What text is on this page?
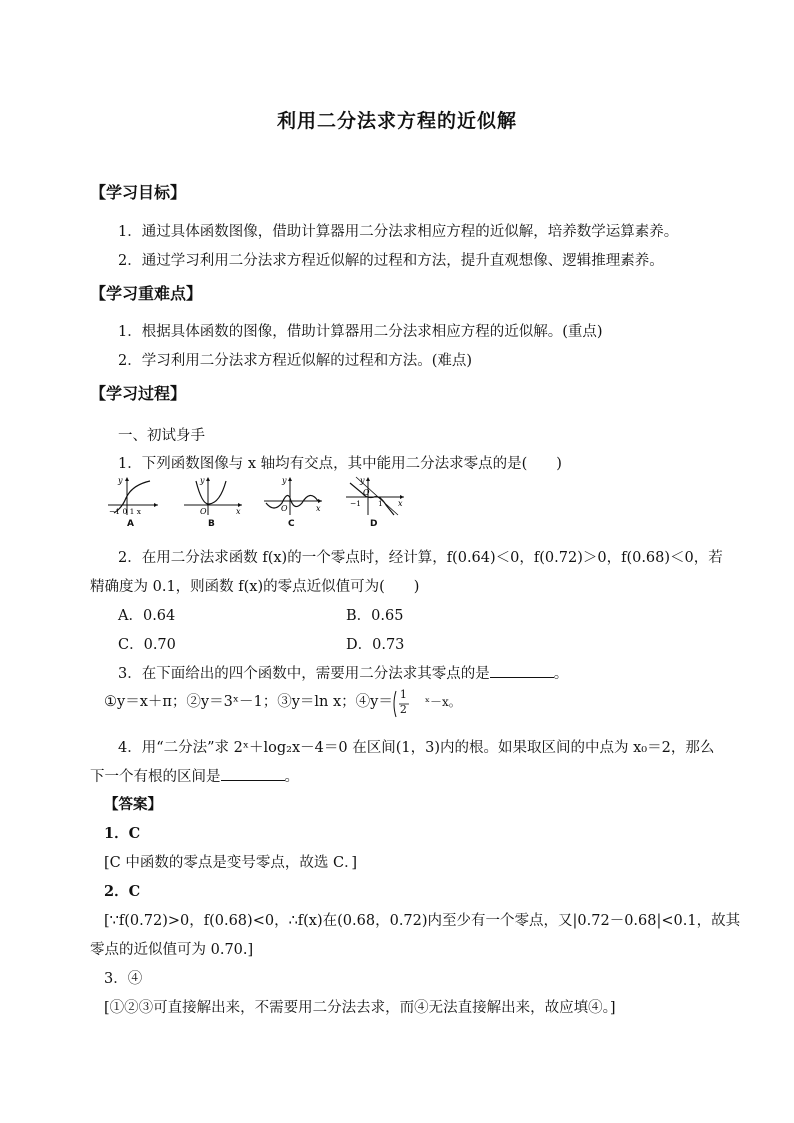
利用二分法求方程的近似解
【学习目标】
1．通过具体函数图像，借助计算器用二分法求相应方程的近似解，培养数学运算素养。
2．通过学习利用二分法求方程近似解的过程和方法，提升直观想像、逻辑推理素养。
【学习重难点】
1．根据具体函数的图像，借助计算器用二分法求相应方程的近似解。(重点)
2．学习利用二分法求方程近似解的过程和方法。(难点)
【学习过程】
一、初试身手
1．下列函数图像与 x 轴均有交点，其中能用二分法求零点的是(　　)
y
−1 0 1 x
A
y
O	x
B
y
O	x
C
y
O
−1 1 x
D
2．在用二分法求函数 f(x)的一个零点时，经计算，f(0.64)＜0，f(0.72)＞0，f(0.68)＜0，若
精确度为 0.1，则函数 f(x)的零点近似值可为(　　)
A．0.64	B．0.65
C．0.70	D．0.73
3．在下面给出的四个函数中，需要用二分法求其零点的是	。
①y＝x＋π；②y＝3ˣ－1；③y＝ln x；④y＝ 1
2
ˣ－x。
4．用“二分法”求 2ˣ＋log₂x－4＝0 在区间(1，3)内的根。如果取区间的中点为 x₀＝2，那么
下一个有根的区间是	。
【答案】
1．C
[C 中函数的零点是变号零点，故选 C．]
2．C
[∵f(0.72)>0，f(0.68)<0，∴f(x)在(0.68，0.72)内至少有一个零点，又|0.72－0.68|<0.1，故其
零点的近似值可为 0.70.]
3．④
[①②③可直接解出来，不需要用二分法去求，而④无法直接解出来，故应填④。]
